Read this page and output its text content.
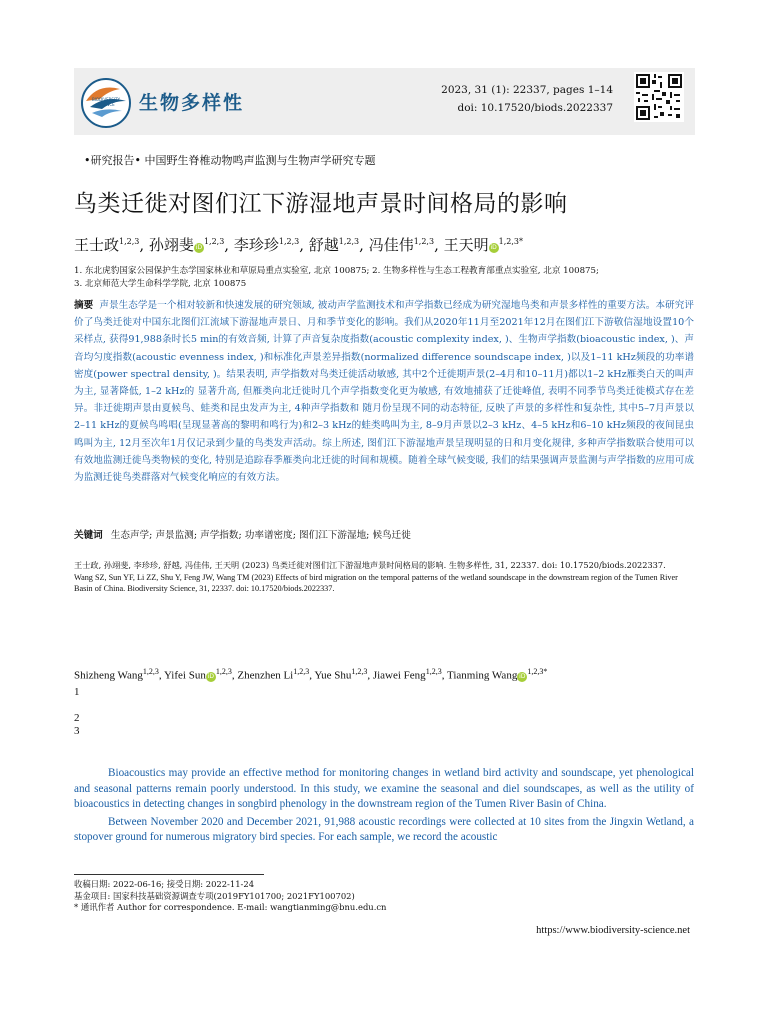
BIODIVERSITY SCIENCE	生物多样性
2023, 31 (1): 22337, pages 1–14
doi: 10.17520/biods.2022337
•研究报告• 中国野生脊椎动物鸣声监测与生物声学研究专题
鸟类迁徙对图们江下游湿地声景时间格局的影响
王士政$^{1,2,3}$, 孙翊斐 iD$^{1,2,3}$, 李珍珍$^{1,2,3}$, 舒越$^{1,2,3}$, 冯佳伟$^{1,2,3}$, 王天明 $iD^{1,2,3*}$
1. 东北虎豹国家公园保护生态学国家林业和草原局重点实验室, 北京 100875; 2. 生物多样性与生态工程教育部重点实验室, 北京 100875;
3. 北京师范大学生命科学学院, 北京 100875
摘要 声景生态学是一个相对较新和快速发展的研究领域, 被动声学监测技术和声学指数已经成为研究湿地鸟类和声景多样性的重要方法。本研究评价了鸟类迁徙对中国东北图们江流域下游湿地声景日、月和季节变化的影响。我们从2020年11月至2021年12月在图们江下游敬信湿地设置10个采样点, 获得91,988条时长5 min的有效音频, 计算了声音复杂度指数(acoustic complexity index, )、生物声学指数(bioacoustic index, )、声音均匀度指数(acoustic evenness index, )和标准化声景差异指数(normalized difference soundscape index, )以及1–11 kHz频段的功率谱密度(power spectral density, )。结果表明, 声学指数对鸟类迁徙活动敏感, 其中2个迁徙期声景(2–4月和10–11月)都以1–2 kHz雁类白天的叫声为主, 显著降低, 1–2 kHz的 显著升高, 但雁类向北迁徙时几个声学指数变化更为敏感, 有效地捕获了迁徙峰值, 表明不同季节鸟类迁徙模式存在差异。非迁徙期声景由夏候鸟、蛙类和昆虫发声为主, 4种声学指数和 随月份呈现不同的动态特征, 反映了声景的多样性和复杂性, 其中5–7月声景以2–11 kHz的夏候鸟鸣唱(呈现显著高的黎明和鸣行为)和2–3 kHz的蛙类鸣叫为主, 8–9月声景以2–3 kHz、4–5 kHz和6–10 kHz频段的夜间昆虫鸣叫为主, 12月至次年1月仅记录到少量的鸟类发声活动。综上所述, 图们江下游湿地声景呈现明显的日和月变化规律, 多种声学指数联合使用可以有效地监测迁徙鸟类物候的变化, 特别是追踪春季雁类向北迁徙的时间和规模。随着全球气候变暖, 我们的结果强调声景监测与声学指数的应用可成为监测迁徙鸟类群落对气候变化响应的有效方法。
关键词 生态声学; 声景监测; 声学指数; 功率谱密度; 图们江下游湿地; 候鸟迁徙
王士政, 孙翊斐, 李珍珍, 舒越, 冯佳伟, 王天明 (2023) 鸟类迁徙对图们江下游湿地声景时间格局的影响. 生物多样性, 31, 22337. doi: 10.17520/biods.2022337.
Wang SZ, Sun YF, Li ZZ, Shu Y, Feng JW, Wang TM (2023) Effects of bird migration on the temporal patterns of the wetland soundscape in the downstream region of the Tumen River Basin of China. Biodiversity Science, 31, 22337. doi: 10.17520/biods.2022337.
Shizheng Wang$^{1,2,3}$, Yifei Sun iD$^{1,2,3}$, Zhenzhen Li$^{1,2,3}$, Yue Shu$^{1,2,3}$, Jiawei Feng$^{1,2,3}$, Tianming Wang $iD^{1,2,3*}$
1
2
3

Bioacoustics may provide an effective method for monitoring changes in wetland bird activity and soundscape, yet phenological and seasonal patterns remain poorly understood. In this study, we examine the seasonal and diel soundscapes, as well as the utility of bioacoustics in detecting changes in songbird phenology in the downstream region of the Tumen River Basin of China.

Between November 2020 and December 2021, 91,988 acoustic recordings were collected at 10 sites from the Jingxin Wetland, a stopover ground for numerous migratory bird species. For each sample, we record the acoustic

收稿日期: 2022-06-16; 接受日期: 2022-11-24
基金项目: 国家科技基础资源调查专项(2019FY101700; 2021FY100702)
* 通讯作者 Author for correspondence. E-mail: wangtianming@bnu.edu.cn
https://www.biodiversity-science.net
